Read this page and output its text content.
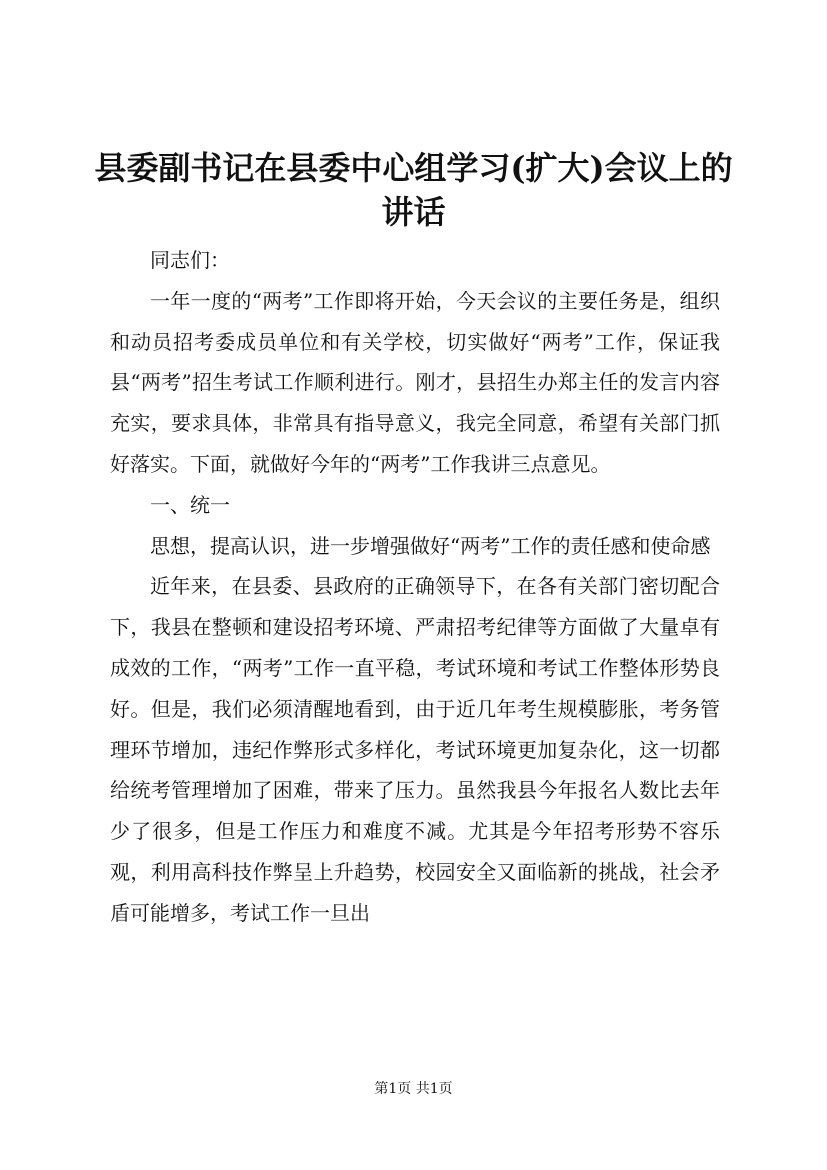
县委副书记在县委中心组学习(扩大)会议上的讲话

同志们：

一年一度的“两考”工作即将开始，今天会议的主要任务是，组织和动员招考委成员单位和有关学校，切实做好“两考”工作，保证我县“两考”招生考试工作顺利进行。刚才，县招生办郑主任的发言内容充实，要求具体，非常具有指导意义，我完全同意，希望有关部门抓好落实。下面，就做好今年的“两考”工作我讲三点意见。

一、统一

思想，提高认识，进一步增强做好“两考”工作的责任感和使命感

近年来，在县委、县政府的正确领导下，在各有关部门密切配合下，我县在整顿和建设招考环境、严肃招考纪律等方面做了大量卓有成效的工作，“两考”工作一直平稳，考试环境和考试工作整体形势良好。但是，我们必须清醒地看到，由于近几年考生规模膨胀，考务管理环节增加，违纪作弊形式多样化，考试环境更加复杂化，这一切都给统考管理增加了困难，带来了压力。虽然我县今年报名人数比去年少了很多，但是工作压力和难度不减。尤其是今年招考形势不容乐观，利用高科技作弊呈上升趋势，校园安全又面临新的挑战，社会矛盾可能增多，考试工作一旦出

第1页 共1页
